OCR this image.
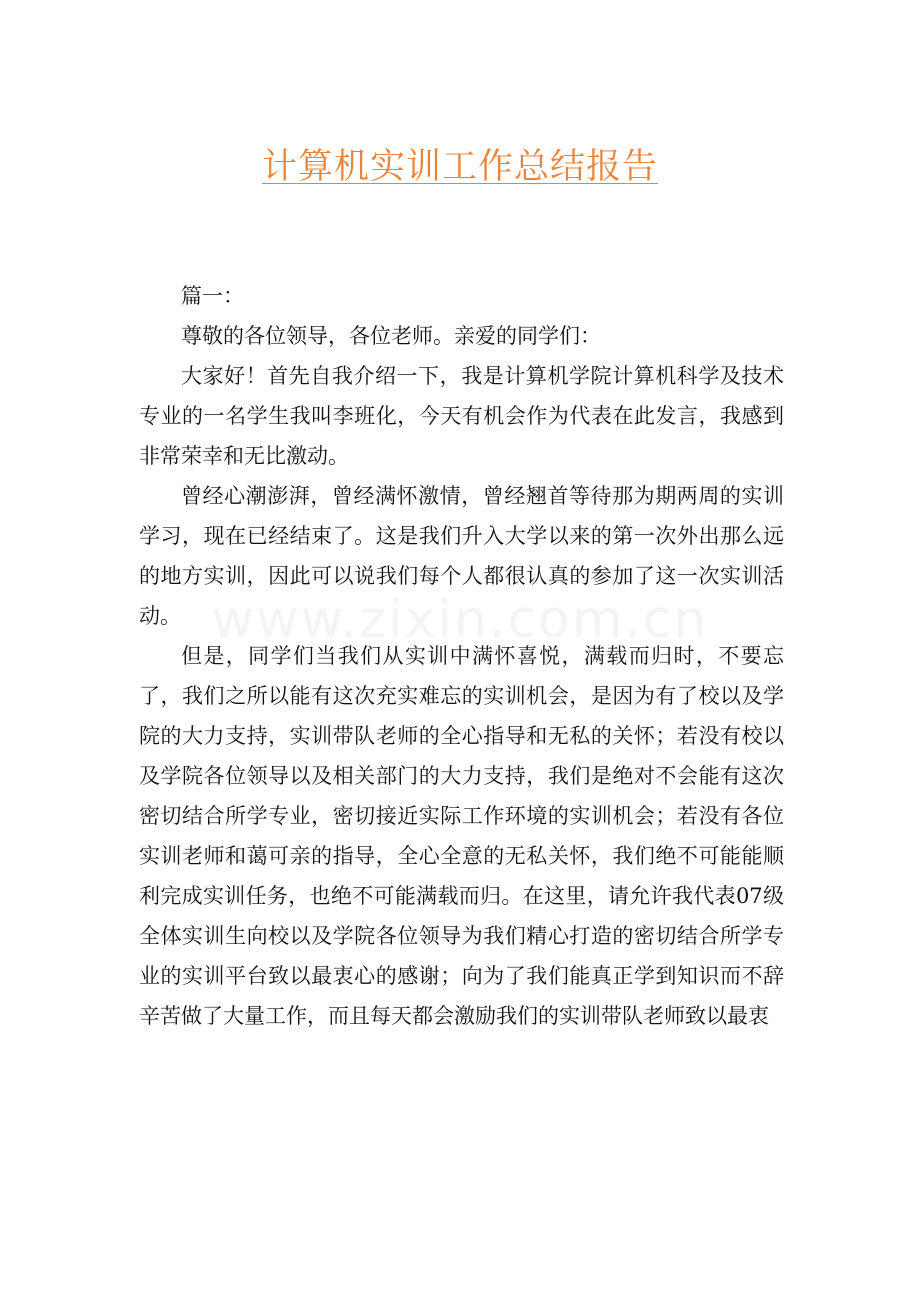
计算机实训工作总结报告

篇一：

尊敬的各位领导，各位老师。亲爱的同学们：

大家好！首先自我介绍一下，我是计算机学院计算机科学及技术专业的一名学生我叫李班化，今天有机会作为代表在此发言，我感到非常荣幸和无比激动。

曾经心潮澎湃，曾经满怀激情，曾经翘首等待那为期两周的实训学习，现在已经结束了。这是我们升入大学以来的第一次外出那么远的地方实训，因此可以说我们每个人都很认真的参加了这一次实训活动。

但是，同学们当我们从实训中满怀喜悦，满载而归时，不要忘了，我们之所以能有这次充实难忘的实训机会，是因为有了校以及学院的大力支持，实训带队老师的全心指导和无私的关怀；若没有校以及学院各位领导以及相关部门的大力支持，我们是绝对不会能有这次密切结合所学专业，密切接近实际工作环境的实训机会；若没有各位实训老师和蔼可亲的指导，全心全意的无私关怀，我们绝不可能能顺利完成实训任务，也绝不可能满载而归。在这里，请允许我代表07级全体实训生向校以及学院各位领导为我们精心打造的密切结合所学专业的实训平台致以最衷心的感谢；向为了我们能真正学到知识而不辞辛苦做了大量工作，而且每天都会激励我们的实训带队老师致以最衷

www.zixin.com.cn
